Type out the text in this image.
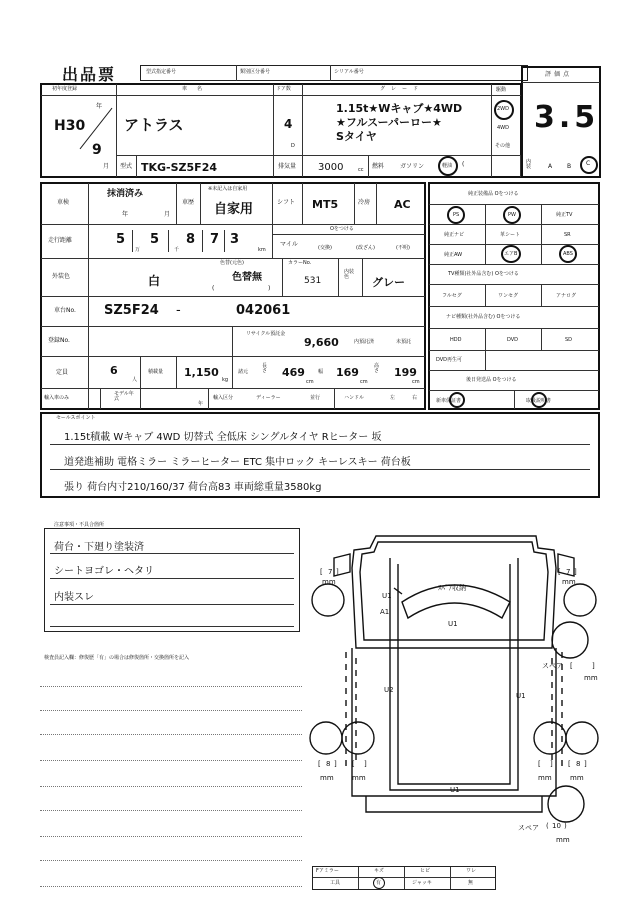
出品票	型式指定番号	類別区分番号	シリアル番号	評価点
3.5
初年度登録
年
H30
9
月
車名
アトラス
ドア数
4
D
グレード
1.15t★Wキャブ★4WD
★フルスーパーロー★
Sタイヤ
駆動
2WD
4WD
その他
型式 TKG-SZ5F24	排気量 3000	cc 燃料	ガソリン	軽油 (	内装	A B C
車検
抹消済み
年	月
車歴
※未記入は自家用
自家用	シフト MT5	冷房 AC
走行距離	5 5
万	千
8 7 3
km
Oをつける
マイル	(交換)	(改ざん)	(不明)
外装色	白
色替(元色)
色替無
(	)
カラーNo.
531
内装色	グレー
車台No. SZ5F24 -	042061
登録No.
リサイクル預託金
9,660	内預託済	未預託
定員	6
人
積載量 1,150
kg
諸元
長さ 469
cm
幅 169
cm
高さ 199
cm
輸入車のみ
モデル年式
年
輸入区分	ディーラー	並行	ハンドル	左	右
純正装備品 Oをつける
PS	PW	純正TV
純正ナビ	革シート	SR
純正AW	エアB	ABS
TV種類(社外品含む) Oをつける
フルセグ	ワンセグ	アナログ
ナビ種類(社外品含む) Oをつける
HDD	DVD	SD
DVD再生可
後日発送品 Oをつける
新車保証書	取扱説明書
セールスポイント
1.15t積載 Wキャブ 4WD 切替式 全低床 シングルタイヤ Rヒーター 坂
道発進補助 電格ミラー ミラーヒーター ETC 集中ロック キーレスキー 荷台板
張り 荷台内寸210/160/37 荷台高83 車両総重量3580kg
注意事項・不具合箇所
荷台・下廻り塗装済
シートヨゴレ・ヘタリ
内装スレ
検査員記入欄：修復歴「有」の場合は修復箇所・交換箇所を記入
ｽﾍﾟｱ収納
U1
A1
U1
U2
U1
U1
[ 7 ]
mm
[ 7 ]
mm
スペア [	]
mm
[ 8 ]
mm
[ ]
mm
[ ]
mm
[ 8 ]
mm
スペア ( 10 )
mm
Fアミラー	キズ	ヒビ	ワレ
工具	有	ジャッキ	無
